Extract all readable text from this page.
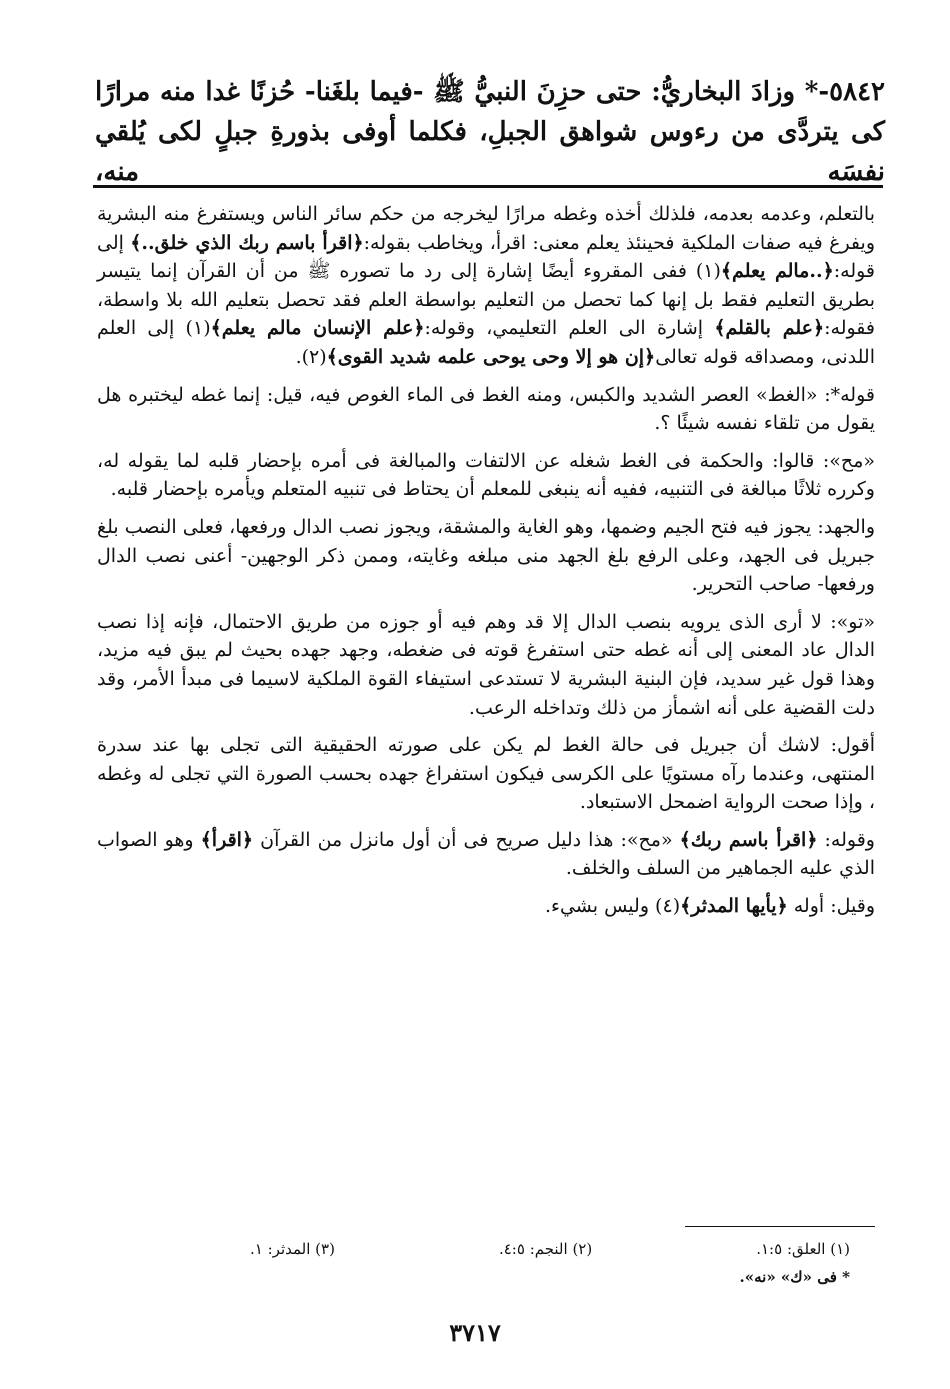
٥٨٤٢-* وزادَ البخاريُّ: حتى حزِنَ النبيُّ ﷺ -فيما بلغَنا- حُزنًا غدا منه مرارًا

كى يتردَّى من رءوس شواهق الجبلِ، فكلما أوفى بذورةِ جبلٍ لكى يُلقي نفسَه منه،

بالتعلم، وعدمه بعدمه، فلذلك أخذه وغطه مرارًا ليخرجه من حكم سائر الناس ويستفرغ منه البشرية ويفرغ فيه صفات الملكية فحينئذ يعلم معنى: اقرأ، ويخاطب بقوله:﴿اقرأ باسم ربك الذي خلق..﴾ إلى قوله:﴿..مالم يعلم﴾(١) ففى المقروء أيضًا إشارة إلى رد ما تصوره ﷺ من أن القرآن إنما يتيسر بطريق التعليم فقط بل إنها كما تحصل من التعليم بواسطة العلم فقد تحصل بتعليم الله بلا واسطة، فقوله:﴿علم بالقلم﴾ إشارة الى العلم التعليمي، وقوله:﴿علم الإنسان مالم يعلم﴾(١) إلى العلم اللدنى، ومصداقه قوله تعالى﴿إن هو إلا وحى يوحى علمه شديد القوى﴾(٢).

قوله*: «الغط» العصر الشديد والكبس، ومنه الغط فى الماء الغوص فيه، قيل: إنما غطه ليختبره هل يقول من تلقاء نفسه شيئًا ؟.

«مح»: قالوا: والحكمة فى الغط شغله عن الالتفات والمبالغة فى أمره بإحضار قلبه لما يقوله له، وكرره ثلاثًا مبالغة فى التنبيه، ففيه أنه ينبغى للمعلم أن يحتاط فى تنبيه المتعلم ويأمره بإحضار قلبه.

والجهد: يجوز فيه فتح الجيم وضمها، وهو الغاية والمشقة، ويجوز نصب الدال ورفعها، فعلى النصب بلغ جبريل فى الجهد، وعلى الرفع بلغ الجهد منى مبلغه وغايته، وممن ذكر الوجهين- أعنى نصب الدال ورفعها- صاحب التحرير.

«تو»: لا أرى الذى يرويه بنصب الدال إلا قد وهم فيه أو جوزه من طريق الاحتمال، فإنه إذا نصب الدال عاد المعنى إلى أنه غطه حتى استفرغ قوته فى ضغطه، وجهد جهده بحيث لم يبق فيه مزيد، وهذا قول غير سديد، فإن البنية البشرية لا تستدعى استيفاء القوة الملكية لاسيما فى مبدأ الأمر، وقد دلت القضية على أنه اشمأز من ذلك وتداخله الرعب.

أقول: لاشك أن جبريل فى حالة الغط لم يكن على صورته الحقيقية التى تجلى بها عند سدرة المنتهى، وعندما رآه مستويًا على الكرسى فيكون استفراغ جهده بحسب الصورة التي تجلى له وغطه ، وإذا صحت الرواية اضمحل الاستبعاد.

وقوله: ﴿اقرأ باسم ربك﴾ «مح»: هذا دليل صريح فى أن أول مانزل من القرآن ﴿اقرأ﴾ وهو الصواب الذي عليه الجماهير من السلف والخلف.

وقيل: أوله ﴿يأيها المدثر﴾(٤) وليس بشيء.

(١) العلق: ١:٥.
(٢) النجم: ٤:٥.
(٣) المدثر: ١.
* فى «ك» «نه».
٣٧١٧
